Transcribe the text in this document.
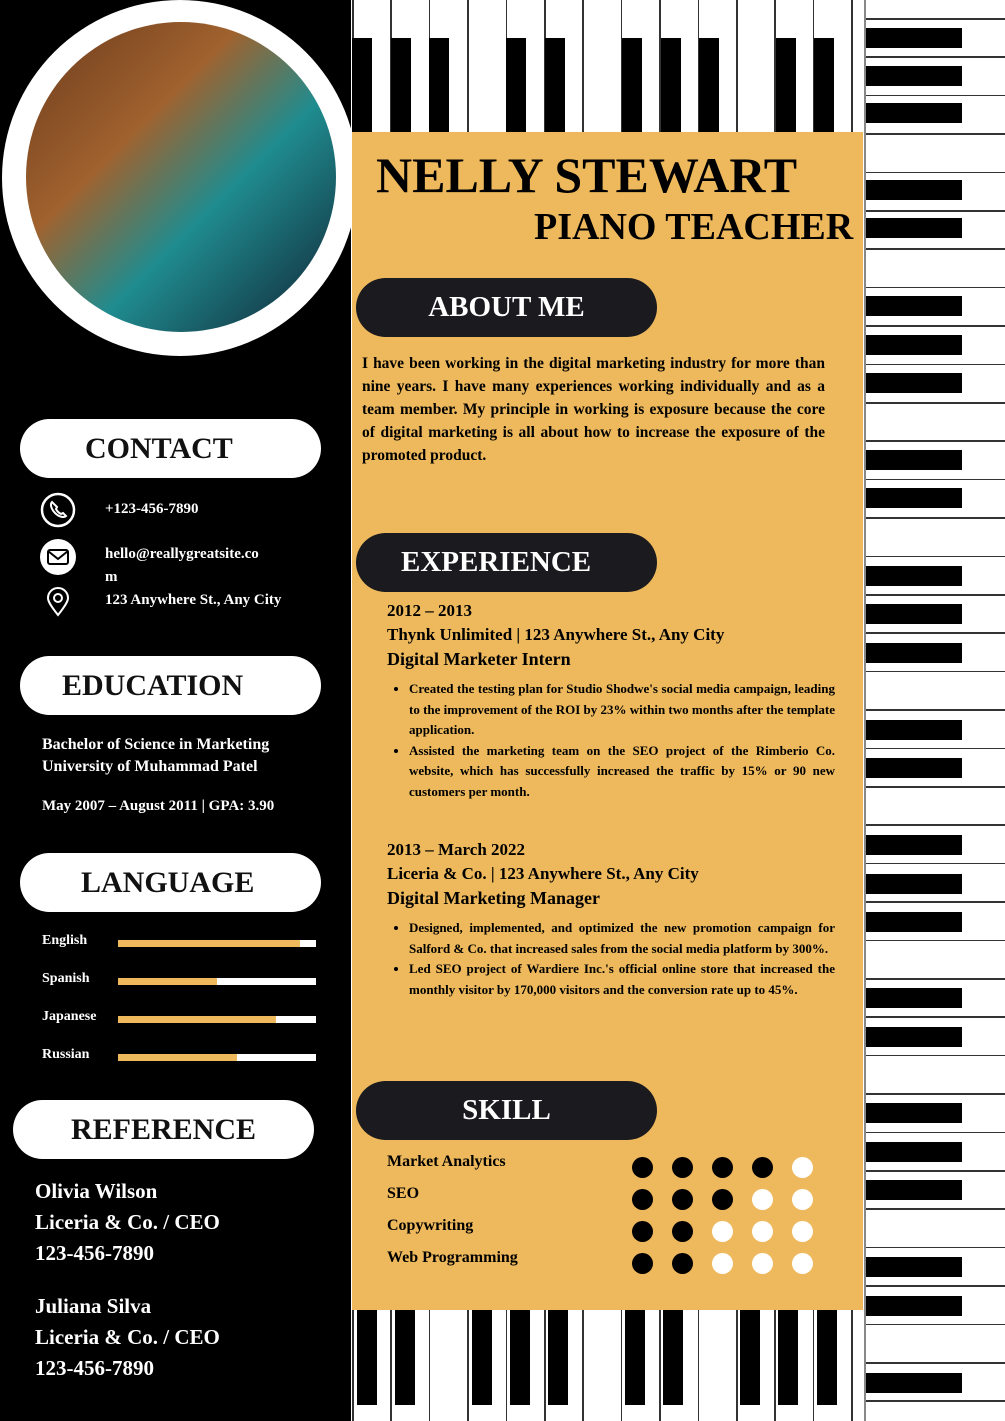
CONTACT
+123-456-7890
hello@reallygreatsite.co
m
123 Anywhere St., Any City
EDUCATION
Bachelor of Science in Marketing
University of Muhammad Patel
May 2007 – August 2011 | GPA: 3.90
LANGUAGE
English
Spanish
Japanese
Russian
REFERENCE
Olivia Wilson
Liceria & Co. / CEO
123-456-7890
Juliana Silva
Liceria & Co. / CEO
123-456-7890
NELLY STEWART
PIANO TEACHER
ABOUT ME
I have been working in the digital marketing industry for more than nine years. I have many experiences working individually and as a team member. My principle in working is exposure because the core of digital marketing is all about how to increase the exposure of the promoted product.
EXPERIENCE
2012 – 2013
Thynk Unlimited | 123 Anywhere St., Any City
Digital Marketer Intern
• Created the testing plan for Studio Shodwe's social media campaign, leading to the improvement of the ROI by 23% within two months after the template application.
• Assisted the marketing team on the SEO project of the Rimberio Co. website, which has successfully increased the traffic by 15% or 90 new customers per month.
2013 – March 2022
Liceria & Co. | 123 Anywhere St., Any City
Digital Marketing Manager
• Designed, implemented, and optimized the new promotion campaign for Salford & Co. that increased sales from the social media platform by 300%.
• Led SEO project of Wardiere Inc.'s official online store that increased the monthly visitor by 170,000 visitors and the conversion rate up to 45%.
SKILL
Market Analytics
SEO
Copywriting
Web Programming
